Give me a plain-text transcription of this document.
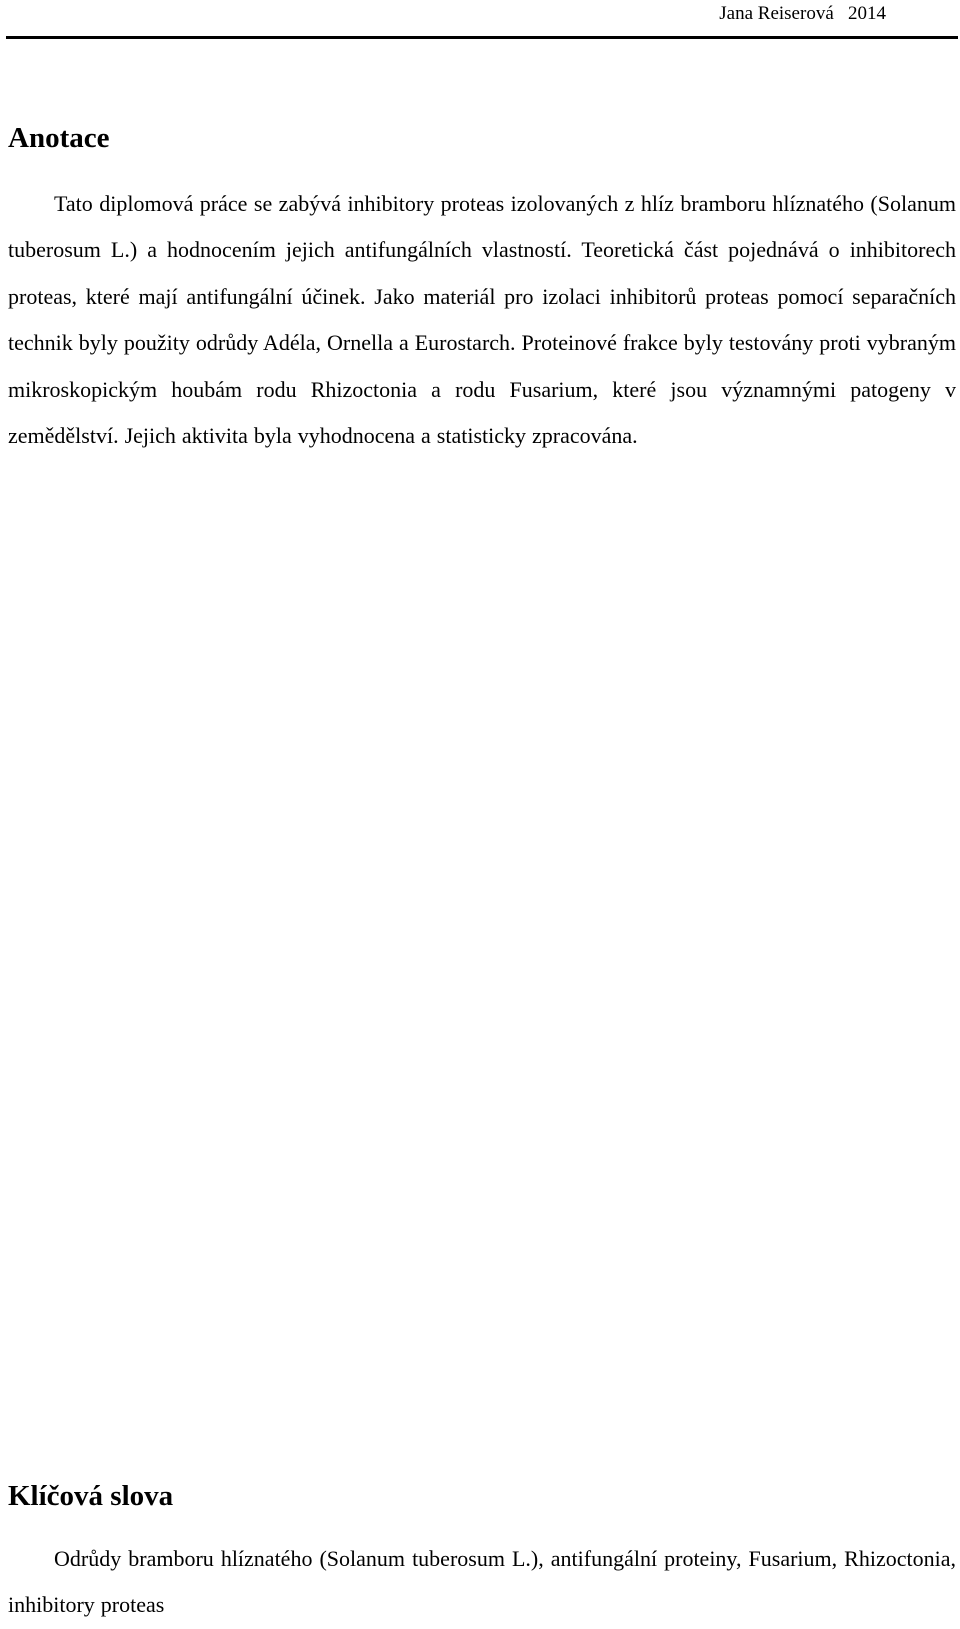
Jana Reiserová   2014
Anotace

Tato diplomová práce se zabývá inhibitory proteas izolovaných z hlíz bramboru hlíznatého (Solanum tuberosum L.) a hodnocením jejich antifungálních vlastností. Teoretická část pojednává o inhibitorech proteas, které mají antifungální účinek. Jako materiál pro izolaci inhibitorů proteas pomocí separačních technik byly použity odrůdy Adéla, Ornella a Eurostarch. Proteinové frakce byly testovány proti vybraným mikroskopickým houbám rodu Rhizoctonia a rodu Fusarium, které jsou významnými patogeny v zemědělství. Jejich aktivita byla vyhodnocena a statisticky zpracována.

Klíčová slova

Odrůdy bramboru hlíznatého (Solanum tuberosum L.), antifungální proteiny, Fusarium, Rhizoctonia, inhibitory proteas
